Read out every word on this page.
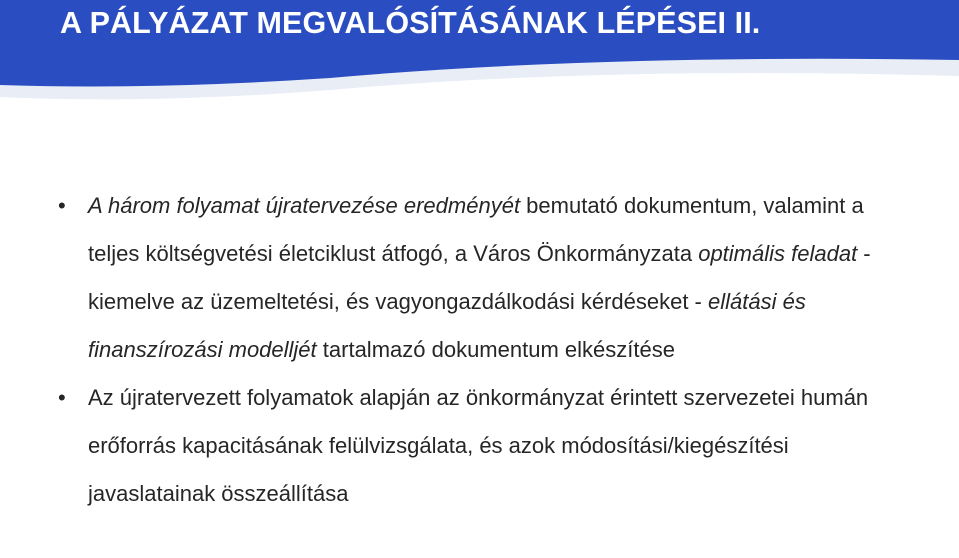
A PÁLYÁZAT MEGVALÓSÍTÁSÁNAK LÉPÉSEI II.
•	A három folyamat újratervezése eredményét bemutató dokumentum, valamint a teljes költségvetési életciklust átfogó, a Város Önkormányzata optimális feladat - kiemelve az üzemeltetési, és vagyongazdálkodási kérdéseket - ellátási és finanszírozási modelljét tartalmazó dokumentum elkészítése
•	Az újratervezett folyamatok alapján az önkormányzat érintett szervezetei humán erőforrás kapacitásának felülvizsgálata, és azok módosítási/kiegészítési javaslatainak összeállítása
